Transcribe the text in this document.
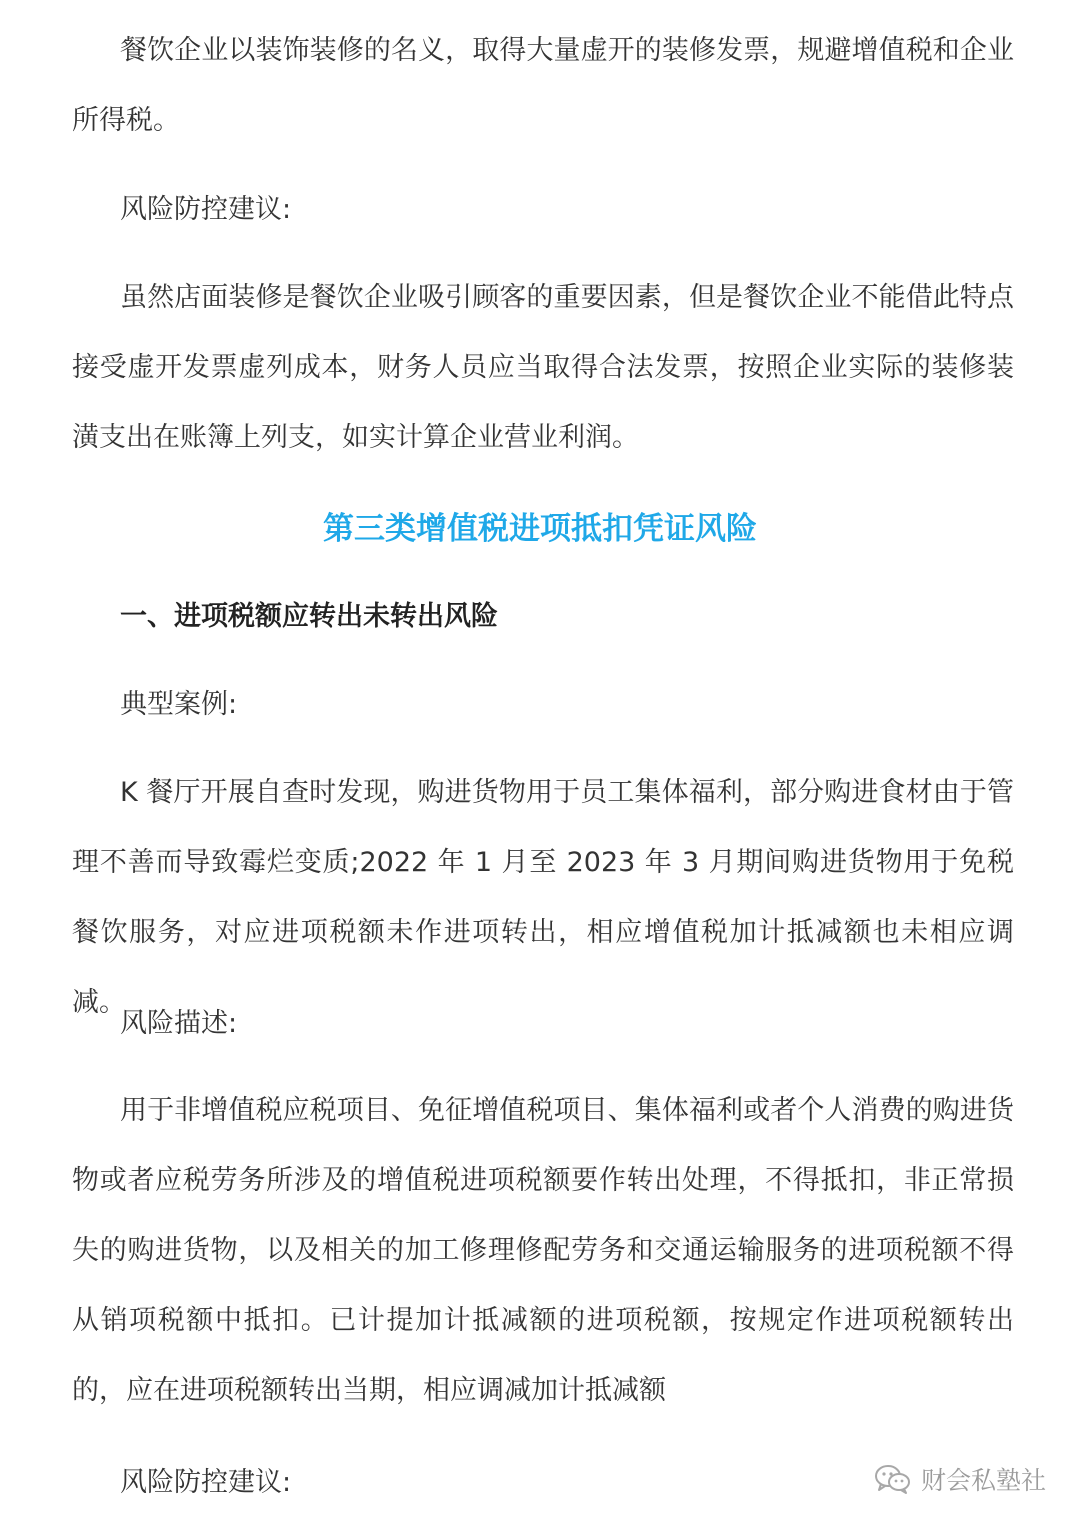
餐饮企业以装饰装修的名义，取得大量虚开的装修发票，规避增值税和企业所得税。

风险防控建议:

虽然店面装修是餐饮企业吸引顾客的重要因素，但是餐饮企业不能借此特点接受虚开发票虚列成本，财务人员应当取得合法发票，按照企业实际的装修装潢支出在账簿上列支，如实计算企业营业利润。

第三类增值税进项抵扣凭证风险
一、进项税额应转出未转出风险

典型案例:

K 餐厅开展自查时发现，购进货物用于员工集体福利，部分购进食材由于管理不善而导致霉烂变质;2022 年 1 月至 2023 年 3 月期间购进货物用于免税餐饮服务，对应进项税额未作进项转出，相应增值税加计抵减额也未相应调减。

风险描述:

用于非增值税应税项目、免征增值税项目、集体福利或者个人消费的购进货物或者应税劳务所涉及的增值税进项税额要作转出处理，不得抵扣，非正常损失的购进货物，以及相关的加工修理修配劳务和交通运输服务的进项税额不得从销项税额中抵扣。已计提加计抵减额的进项税额，按规定作进项税额转出的，应在进项税额转出当期，相应调减加计抵减额

风险防控建议:	财会私塾社
